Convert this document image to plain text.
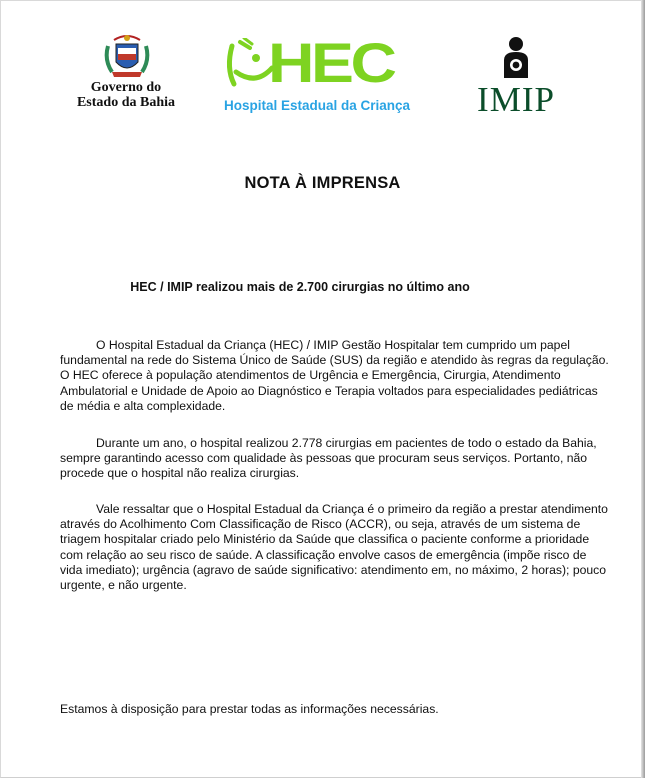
Governo do
Estado da Bahia
HEC
Hospital Estadual da Criança	IMIP
NOTA À IMPRENSA
HEC / IMIP realizou mais de 2.700 cirurgias no último ano

O Hospital Estadual da Criança (HEC) / IMIP Gestão Hospitalar tem cumprido um papel fundamental na rede do Sistema Único de Saúde (SUS) da região e atendido às regras da regulação. O HEC oferece à população atendimentos de Urgência e Emergência, Cirurgia, Atendimento Ambulatorial e Unidade de Apoio ao Diagnóstico e Terapia voltados para especialidades pediátricas de média e alta complexidade.

Durante um ano, o hospital realizou 2.778 cirurgias em pacientes de todo o estado da Bahia, sempre garantindo acesso com qualidade às pessoas que procuram seus serviços. Portanto, não procede que o hospital não realiza cirurgias.

Vale ressaltar que o Hospital Estadual da Criança é o primeiro da região a prestar atendimento através do Acolhimento Com Classificação de Risco (ACCR), ou seja, através de um sistema de triagem hospitalar criado pelo Ministério da Saúde que classifica o paciente conforme a prioridade com relação ao seu risco de saúde. A classificação envolve casos de emergência (impõe risco de vida imediato); urgência (agravo de saúde significativo: atendimento em, no máximo, 2 horas); pouco urgente, e não urgente.

Estamos à disposição para prestar todas as informações necessárias.
